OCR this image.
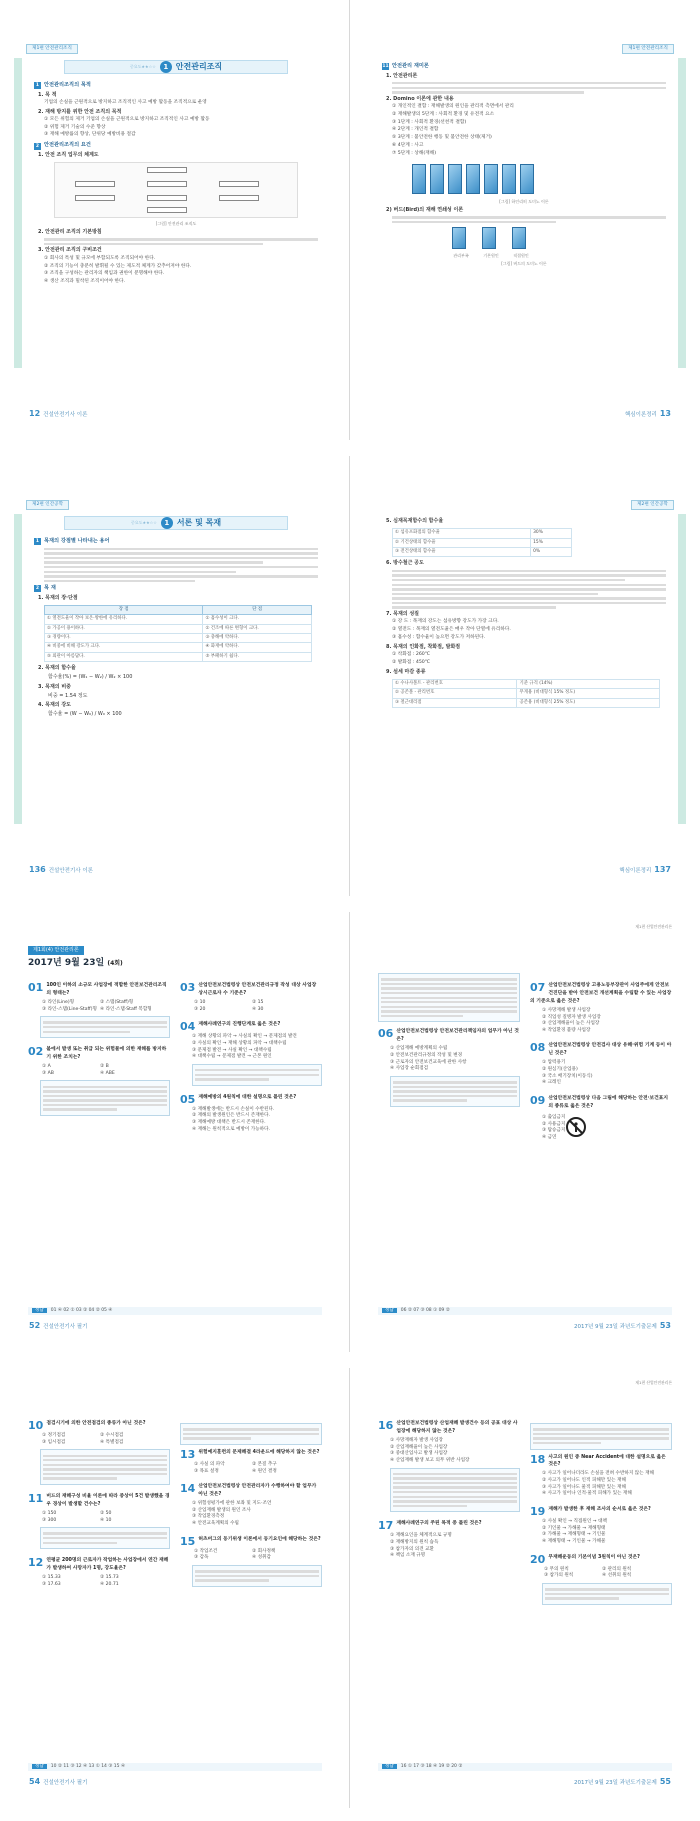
제1편 안전관리조직
중요도★★☆☆	1 안전관리조직
1 안전관리조직의 목적
1. 목 적
기업의 손실을 근원적으로 방지하고 조직적인 사고 예방 활동을 조직적으로 운영
2. 재해 방지를 위한 안전 조직의 목적
① 모든 위험의 제거 기업의 손실을 근원적으로 방지하고 조직적인 사고 예방 활동
② 위험 제거 기술의 수준 향상
③ 재해 예방률의 향상, 단위당 예방비용 절감
2 안전관리조직의 요건
1. 안전 조직 업무의 체계도
[그림] 안전관리 조직도
2. 안전관리 조직의 기본방침
3. 안전관리 조직의 구비조건
① 회사의 특성 및 규모에 부합되도록 조직되어야 한다.
② 조직의 기능이 충분히 발휘될 수 있는 제도적 체계가 갖추어져야 한다.
③ 조직을 구성하는 관리자의 책임과 권한이 분명해야 한다.
④ 생산 조직과 밀착된 조직이어야 한다.
12 건설안전기사 이론
제1편 안전관리조직
11 안전관리 재미론
1. 안전관리론
2. Domino 이론에 관한 내용
① 개인적인 결함 : 재해발생의 원인을 관리적 측면에서 관리
② 재해발생의 5단계 : 사회적 환경 및 유전적 요소
③ 1단계 : 사회적 환경(선천적 결함)
④ 2단계 : 개인적 결함
⑤ 3단계 : 불안전한 행동 및 불안전한 상태(제거)
⑥ 4단계 : 사고
⑦ 5단계 : 상해(재해)
[그림] 하인리히 도미노 이론
2) 버드(Bird)의 재해 연쇄성 이론
관리부족	기본원인	직접원인
[그림] 버드의 도미노 이론
핵심이론정리 13
제2편 인간공학
중요도★★☆☆	1 서론 및 목재
1 목재의 강점별 나타내는 용어
2 목 재
1. 목재의 장·단점
장 점	단 점
① 열전도율이 작아 보온·방한에 유리하다.	① 흡수성이 크다.
② 가공이 용이하다.	② 건조에 따른 변형이 크다.
③ 경량이다.	③ 충해에 약하다.
④ 비중에 비해 강도가 크다.	④ 화재에 약하다.
⑤ 외관이 아름답다.	⑤ 부패하기 쉽다.
2. 목재의 함수율
함수율(%) = (W₁ − W₂) / W₂ × 100
3. 목재의 비중
비중 = 1.54 정도
4. 목재의 강도
함수율 = (W − W₀) / W₀ × 100
136 건설안전기사 이론
제2편 인간공학
5. 심재목재함수의 함수율
① 섬유포화점의 함수율	30%
② 기건상태의 함수율	15%
③ 전건상태의 함수율	0%
6. 방수철근 공도
7. 목재의 성질
① 강 도 : 목재의 강도는 섬유방향 강도가 가장 크다.
② 열전도 : 목재의 열전도율은 매우 작아 단열에 유리하다.
③ 흡수성 : 함수율이 높으면 강도가 저하된다.
8. 목재의 인화점, 착화점, 발화점
① 착화점 : 260℃
② 발화점 : 450℃
9. 섬세 마감 종류
① 수나사볼트 - 관리번호	기준 규격 (14%)
② 공존볼 - 관리번호	무게용 (비대형식 15% 정도)
③ 철근대리점	공존용 (비대형식 25% 정도)
핵심이론정리 137
제1회(4) 안전관리론
2017년 9월 23일 (4회)
01 100인 이하의 소규모 사업장에 적합한 안전보건관리조직의 형태는?
① 라인(Line)형	② 스탭(Staff)형③ 라인-스탭(Line-Staff)형 ④ 라인·스탭·Staff 복합형
02 불에서 발생 또는 취급 되는 위험물에 의한 재해를 방지하기 위한 조치는?
① A	② B③ AB	④ ABE
03 산업안전보건법령상 안전보건관리규정 작성 대상 사업장 상시근로자 수 기준은?
① 10	② 15③ 20	④ 30
04 재해사례연구의 진행단계로 옳은 것은?
① 재해 상황의 파악 → 사실의 확인 → 문제점의 발견
② 사실의 확인 → 재해 상황의 파악 → 대책수립
③ 문제점 발견 → 사실 확인 → 대책수립
④ 대책수립 → 문제점 발견 → 근본 원인
05 재해예방의 4원칙에 대한 설명으로 틀린 것은?
① 재해발생에는 반드시 손실이 수반된다.
② 재해의 발생원인은 반드시 존재한다.
③ 재해예방 대책은 반드시 존재한다.
④ 재해는 원칙적으로 예방이 가능하다.
정답 01 ④ 02 ① 03 ② 04 ② 05 ④
52 건설안전기사 필기
제1편 산업안전관리론
06 산업안전보건법령상 안전보건관리책임자의 업무가 아닌 것은?
① 산업재해 예방계획의 수립
② 안전보건관리규정의 작성 및 변경
③ 근로자의 안전보건교육에 관한 사항
④ 사업장 순회점검
07 산업안전보건법령상 고용노동부장관이 사업주에게 안전보건진단을 받아 안전보건 개선계획을 수립할 수 있는 사업장의 기준으로 옳은 것은?
① 사망재해 발생 사업장
② 직업성 질병자 발생 사업장
③ 산업재해율이 높은 사업장
④ 작업환경 불량 사업장
08 산업안전보건법령상 안전검사 대상 유해·위험 기계 등이 아닌 것은?
① 압력용기
② 원심기(산업용)
③ 국소 배기장치(이동식)
④ 크레인
09 산업안전보건법령상 다음 그림에 해당하는 안전·보건표지의 종류로 옳은 것은?
① 출입금지
② 사용금지
③ 탑승금지
④ 금연
정답 06 ② 07 ③ 08 ① 09 ②
2017년 9월 23일 과년도기출문제 53
10 점검시기에 의한 안전점검의 종류가 아닌 것은?
① 정기점검	② 수시점검③ 임시점검	④ 특별점검
11 버드의 재해구성 비율 이론에 따라 중상이 5건 발생했을 경우 경상이 발생할 건수는?
① 150	② 50③ 300	④ 10
12 연평균 200명의 근로자가 작업하는 사업장에서 연간 재해가 발생하여 사망자가 1명, 강도율은?
① 15.33	② 15.73③ 17.63	④ 20.71
13 위험예지훈련의 문제해결 4라운드에 해당하지 않는 것은?
① 사실 의 파악	② 본질 추구③ 목표 설정	④ 원인 결정
14 산업안전보건법령상 안전관리자가 수행하여야 할 업무가 아닌 것은?
① 위험성평가에 관한 보좌 및 지도·조언
② 산업재해 발생의 원인 조사
③ 작업환경측정
④ 안전교육계획의 수립
15 허츠버그의 동기위생 이론에서 동기요인에 해당하는 것은?
① 작업조건	② 회사정책③ 감독	④ 성취감
정답 10 ② 11 ③ 12 ④ 13 ① 14 ③ 15 ④
54 건설안전기사 필기
제1편 산업안전관리론
16 산업안전보건법령상 산업재해 발생건수 등의 공표 대상 사업장에 해당하지 않는 것은?
① 사망재해자 발생 사업장
② 산업재해율이 높은 사업장
③ 중대산업사고 발생 사업장
④ 산업재해 발생 보고 의무 위반 사업장
17 재해사례연구의 주된 목적 중 틀린 것은?
① 재해요인을 체계적으로 규명
② 재해방지의 원칙 습득
③ 참가자의 의견 교환
④ 책임 소재 규명
18 사고의 원인 중 Near Accident에 대한 설명으로 옳은 것은?
① 사고가 일어나더라도 손실을 전혀 수반하지 않는 재해
② 사고가 일어나도 인적 피해만 있는 재해
③ 사고가 일어나도 물적 피해만 있는 재해
④ 사고가 일어나 인적·물적 피해가 있는 재해
19 재해가 발생한 후 재해 조사의 순서로 옳은 것은?
① 사실 확인 → 직접원인 → 대책
② 기인물 → 가해물 → 재해형태
③ 가해물 → 재해형태 → 기인물
④ 재해형태 → 기인물 → 가해물
20 무재해운동의 기본이념 3원칙이 아닌 것은?
① 무의 원칙	② 관리의 원칙③ 참가의 원칙	④ 선취의 원칙
정답 16 ① 17 ③ 18 ④ 19 ② 20 ②
2017년 9월 23일 과년도기출문제 55
